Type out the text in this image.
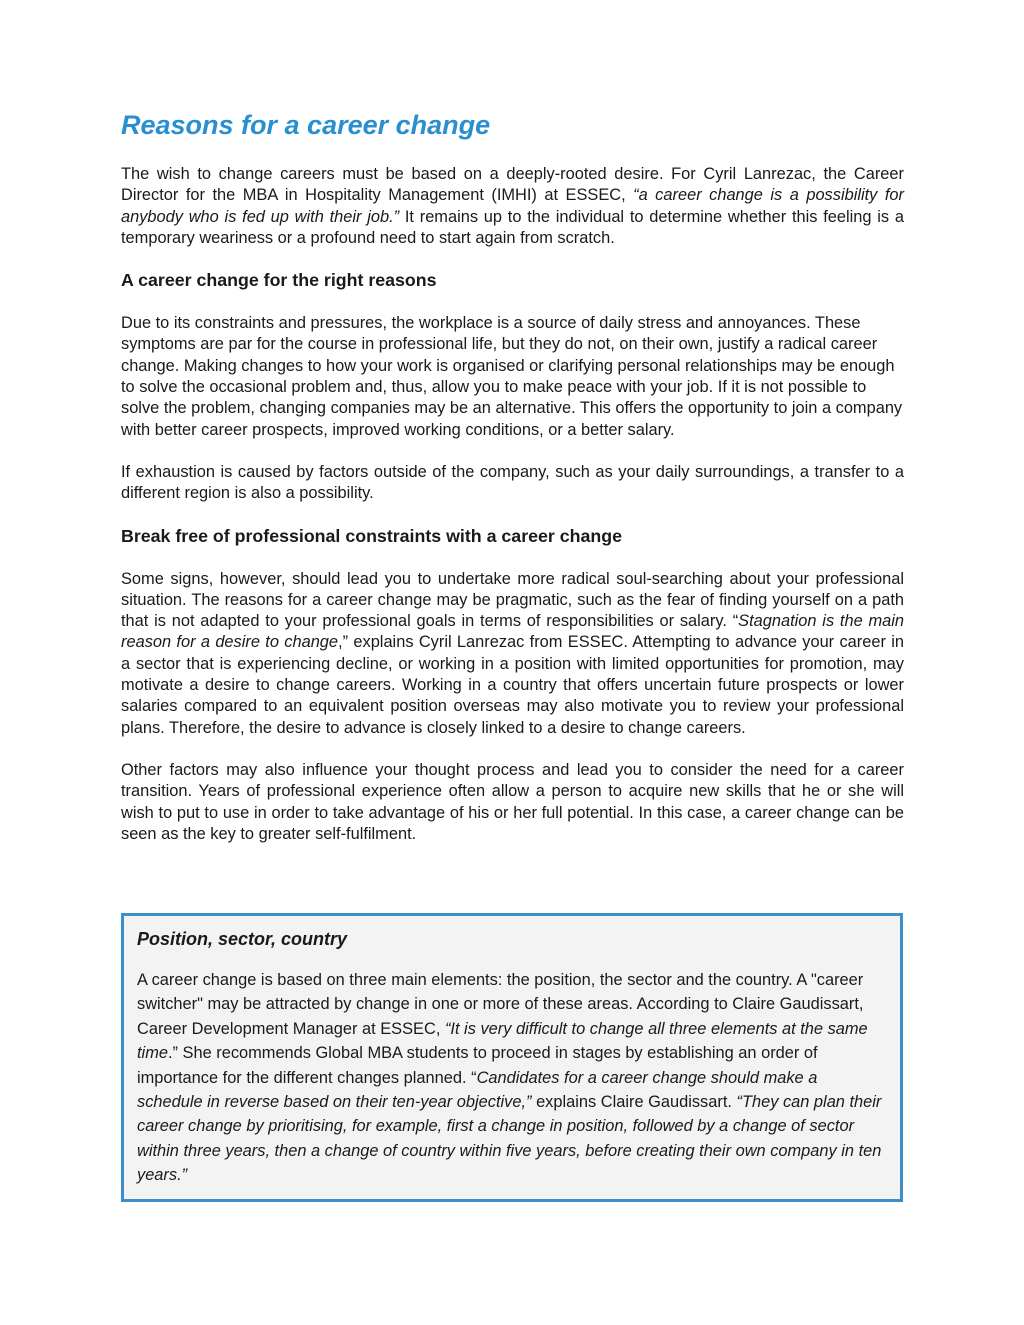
Reasons for a career change

The wish to change careers must be based on a deeply-rooted desire. For Cyril Lanrezac, the Career Director for the MBA in Hospitality Management (IMHI) at ESSEC, “a career change is a possibility for anybody who is fed up with their job.” It remains up to the individual to determine whether this feeling is a temporary weariness or a profound need to start again from scratch.

A career change for the right reasons

Due to its constraints and pressures, the workplace is a source of daily stress and annoyances. These symptoms are par for the course in professional life, but they do not, on their own, justify a radical career change. Making changes to how your work is organised or clarifying personal relationships may be enough to solve the occasional problem and, thus, allow you to make peace with your job. If it is not possible to solve the problem, changing companies may be an alternative. This offers the opportunity to join a company with better career prospects, improved working conditions, or a better salary.

If exhaustion is caused by factors outside of the company, such as your daily surroundings, a transfer to a different region is also a possibility.

Break free of professional constraints with a career change

Some signs, however, should lead you to undertake more radical soul-searching about your professional situation. The reasons for a career change may be pragmatic, such as the fear of finding yourself on a path that is not adapted to your professional goals in terms of responsibilities or salary. “Stagnation is the main reason for a desire to change,” explains Cyril Lanrezac from ESSEC. Attempting to advance your career in a sector that is experiencing decline, or working in a position with limited opportunities for promotion, may motivate a desire to change careers. Working in a country that offers uncertain future prospects or lower salaries compared to an equivalent position overseas may also motivate you to review your professional plans. Therefore, the desire to advance is closely linked to a desire to change careers.

Other factors may also influence your thought process and lead you to consider the need for a career transition. Years of professional experience often allow a person to acquire new skills that he or she will wish to put to use in order to take advantage of his or her full potential. In this case, a career change can be seen as the key to greater self-fulfilment.

Position, sector, country

A career change is based on three main elements: the position, the sector and the country. A "career switcher" may be attracted by change in one or more of these areas. According to Claire Gaudissart, Career Development Manager at ESSEC, “It is very difficult to change all three elements at the same time.” She recommends Global MBA students to proceed in stages by establishing an order of importance for the different changes planned. “Candidates for a career change should make a schedule in reverse based on their ten-year objective,” explains Claire Gaudissart. “They can plan their career change by prioritising, for example, first a change in position, followed by a change of sector within three years, then a change of country within five years, before creating their own company in ten years.”
